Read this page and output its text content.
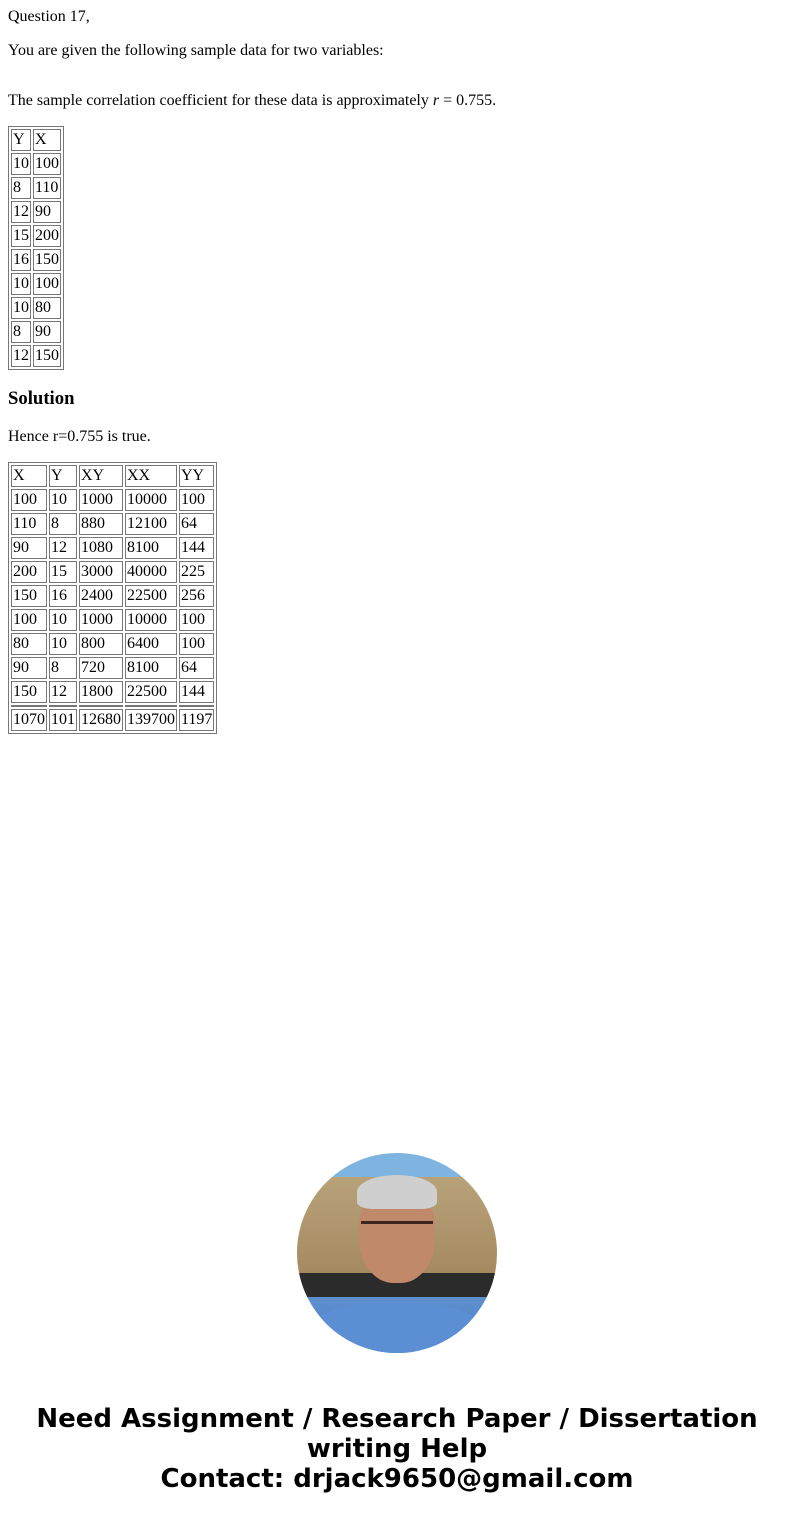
Question 17,

You are given the following sample data for two variables:

The sample correlation coefficient for these data is approximately r = 0.755.

Y	X
10	100
8	110
12	90
15	200
16	150
10	100
10	80
8	90
12	150
Solution

Hence r=0.755 is true.

X	Y	XY	XX	YY
100	10	1000	10000	100
110	8	880	12100	64
90	12	1080	8100	144
200	15	3000	40000	225
150	16	2400	22500	256
100	10	1000	10000	100
80	10	800	6400	100
90	8	720	8100	64
150	12	1800	22500	144

1070	101	12680	139700	1197
Need Assignment / Research Paper / Dissertation
writing Help
Contact: drjack9650@gmail.com
